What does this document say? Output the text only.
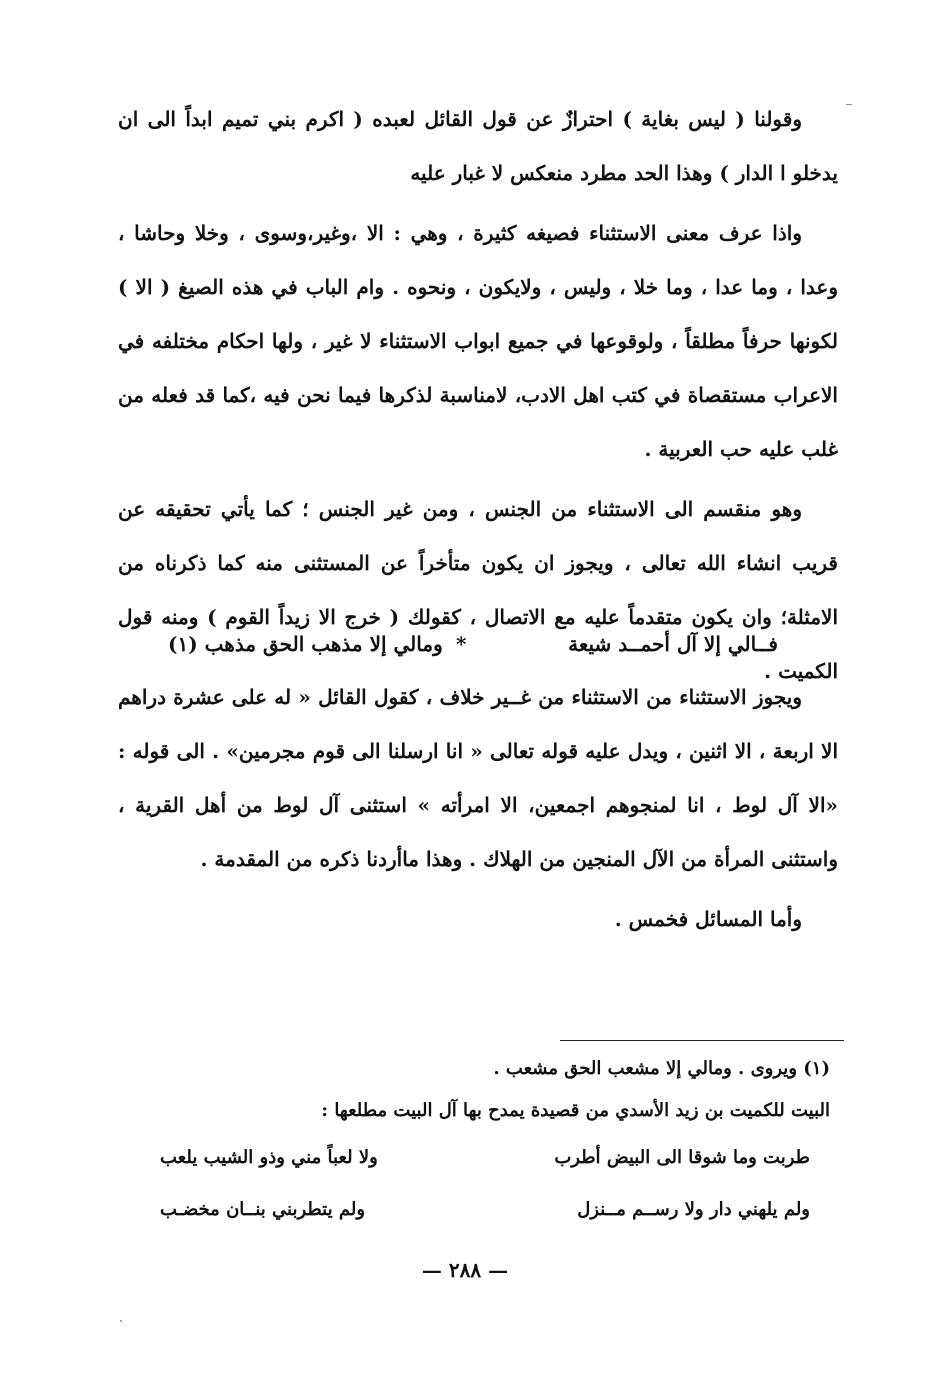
وقولنا ( ليس بغاية ) احترازٌ عن قول القائل لعبده ( اكرم بني تميم ابداً الى ان يدخلو ا الدار ) وهذا الحد مطرد منعكس لا غبار عليه

واذا عرف معنى الاستثناء فصيغه كثيرة ، وهي : الا ،وغير،وسوى ، وخلا وحاشا ، وعدا ، وما عدا ، وما خلا ، وليس ، ولايكون ، ونحوه . وام الباب في هذه الصيغ ( الا ) لكونها حرفاً مطلقاً ، ولوقوعها في جميع ابواب الاستثناء لا غير ، ولها احكام مختلفه في الاعراب مستقصاة في كتب اهل الادب، لامناسبة لذكرها فيما نحن فيه ،كما قد فعله من غلب عليه حب العربية .

وهو منقسم الى الاستثناء من الجنس ، ومن غير الجنس ؛ كما يأتي تحقيقه عن قريب انشاء الله تعالى ، ويجوز ان يكون متأخراً عن المستثنى منه كما ذكرناه من الامثلة؛ وان يكون متقدماً عليه مع الاتصال ، كقولك ( خرج الا زيداً القوم ) ومنه قول الكميت .

فــالي إلا آل أحمــد شيعة
*
ومالي إلا مذهب الحق مذهب (١)

ويجوز الاستثناء من الاستثناء من غــير خلاف ، كقول القائل « له على عشرة دراهم الا اربعة ، الا اثنين ، ويدل عليه قوله تعالى « انا ارسلنا الى قوم مجرمين» . الى قوله : «الا آل لوط ، انا لمنجوهم اجمعين، الا امرأته » استثنى آل لوط من أهل القرية ، واستثنى المرأة من الآل المنجين من الهلاك . وهذا ماأردنا ذكره من المقدمة .

وأما المسائل فخمس .

(١) ويروى . ومالي إلا مشعب الحق مشعب .

البيت للكميت بن زيد الأسدي من قصيدة يمدح بها آل البيت مطلعها :

طربت وما شوقا الى البيض أطرب
ولا لعباً مني وذو الشيب يلعب
ولم يلهني دار ولا رســم مــنزل
ولم يتطربني بنــان مخضـب
— ٢٨٨ —
